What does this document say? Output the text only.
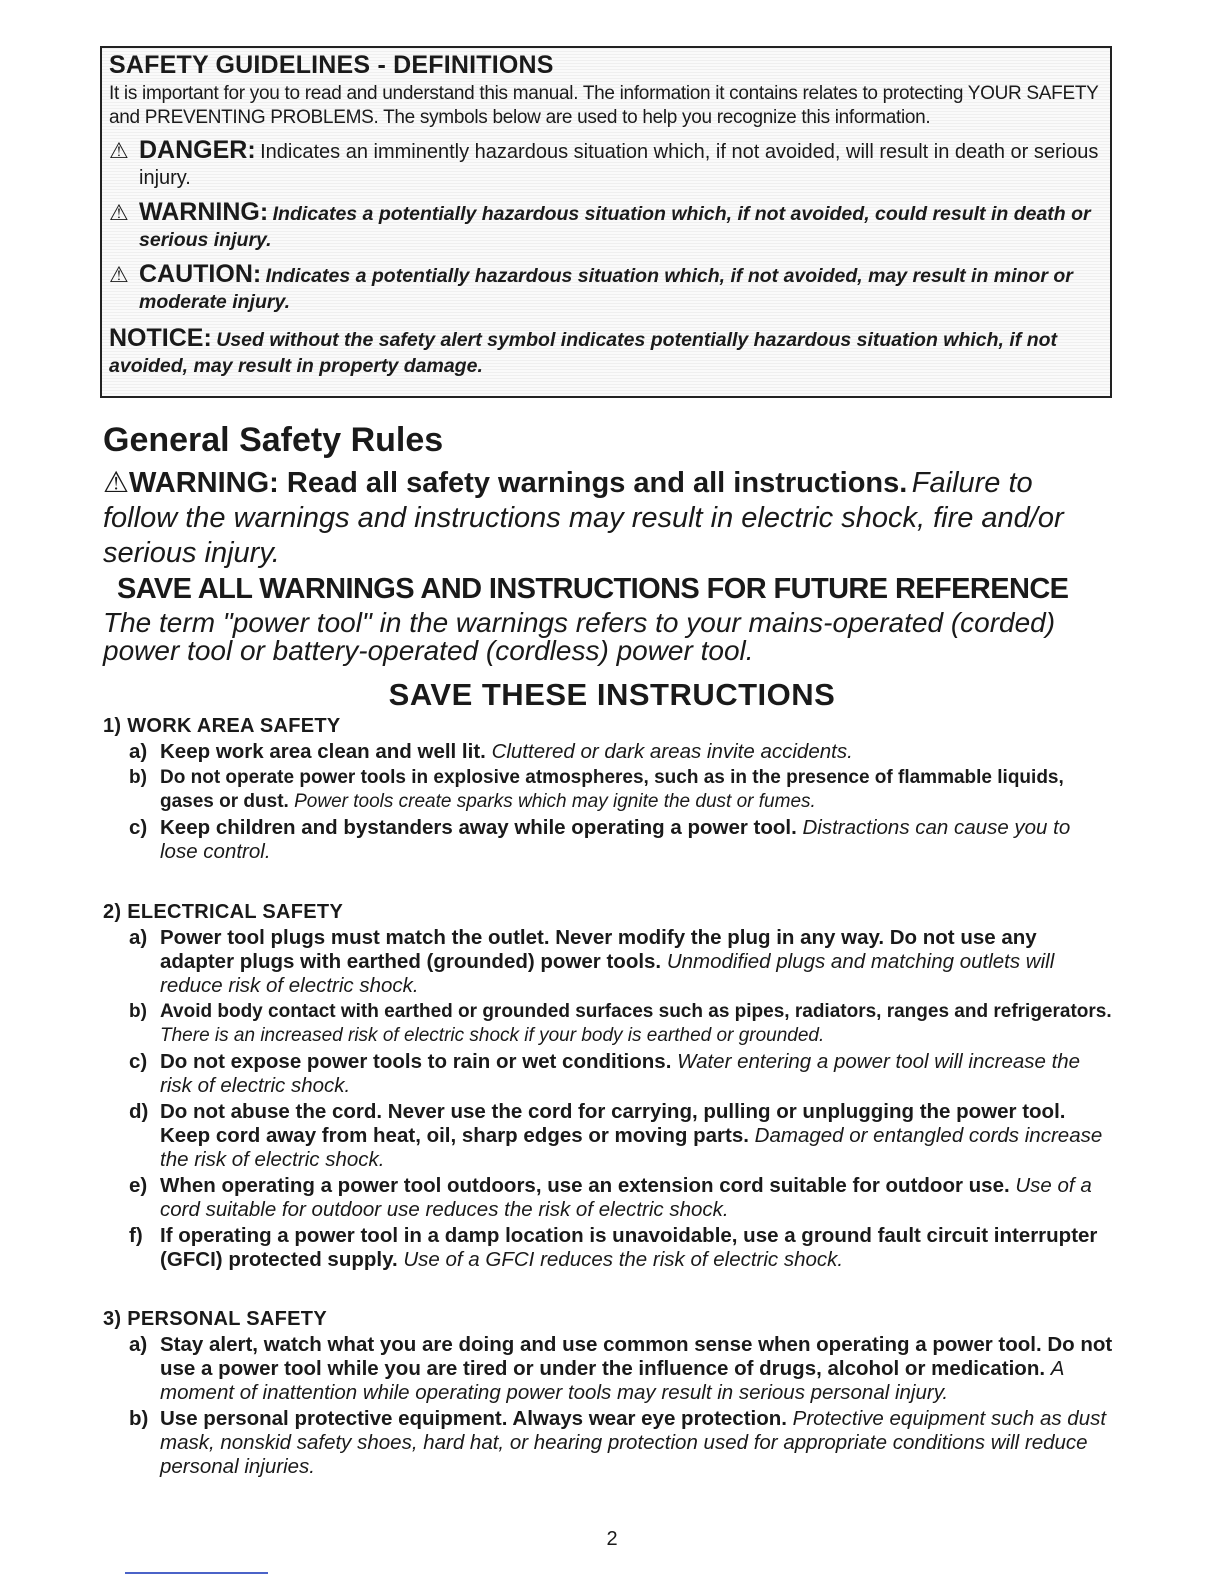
SAFETY GUIDELINES - DEFINITIONS

It is important for you to read and understand this manual. The information it contains relates to protecting YOUR SAFETY and PREVENTING PROBLEMS. The symbols below are used to help you recognize this information.

⚠ DANGER: Indicates an imminently hazardous situation which, if not avoided, will result in death or serious injury.
⚠ WARNING: Indicates a potentially hazardous situation which, if not avoided, could result in death or serious injury.
⚠ CAUTION: Indicates a potentially hazardous situation which, if not avoided, may result in minor or moderate injury.
NOTICE: Used without the safety alert symbol indicates potentially hazardous situation which, if not avoided, may result in property damage.
General Safety Rules
⚠WARNING: Read all safety warnings and all instructions. Failure to follow the warnings and instructions may result in electric shock, fire and/or serious injury.
SAVE ALL WARNINGS AND INSTRUCTIONS FOR FUTURE REFERENCE
The term "power tool" in the warnings refers to your mains-operated (corded) power tool or battery-operated (cordless) power tool.
SAVE THESE INSTRUCTIONS
1) WORK AREA SAFETY
a) Keep work area clean and well lit. Cluttered or dark areas invite accidents.
b) Do not operate power tools in explosive atmospheres, such as in the presence of flammable liquids, gases or dust. Power tools create sparks which may ignite the dust or fumes.
c) Keep children and bystanders away while operating a power tool. Distractions can cause you to lose control.
2) ELECTRICAL SAFETY
a) Power tool plugs must match the outlet. Never modify the plug in any way. Do not use any adapter plugs with earthed (grounded) power tools. Unmodified plugs and matching outlets will reduce risk of electric shock.
b) Avoid body contact with earthed or grounded surfaces such as pipes, radiators, ranges and refrigerators. There is an increased risk of electric shock if your body is earthed or grounded.
c) Do not expose power tools to rain or wet conditions. Water entering a power tool will increase the risk of electric shock.
d) Do not abuse the cord. Never use the cord for carrying, pulling or unplugging the power tool. Keep cord away from heat, oil, sharp edges or moving parts. Damaged or entangled cords increase the risk of electric shock.
e) When operating a power tool outdoors, use an extension cord suitable for outdoor use. Use of a cord suitable for outdoor use reduces the risk of electric shock.
f) If operating a power tool in a damp location is unavoidable, use a ground fault circuit interrupter (GFCI) protected supply. Use of a GFCI reduces the risk of electric shock.
3) PERSONAL SAFETY
a) Stay alert, watch what you are doing and use common sense when operating a power tool. Do not use a power tool while you are tired or under the influence of drugs, alcohol or medication. A moment of inattention while operating power tools may result in serious personal injury.
b) Use personal protective equipment. Always wear eye protection. Protective equipment such as dust mask, nonskid safety shoes, hard hat, or hearing protection used for appropriate conditions will reduce personal injuries.
2
